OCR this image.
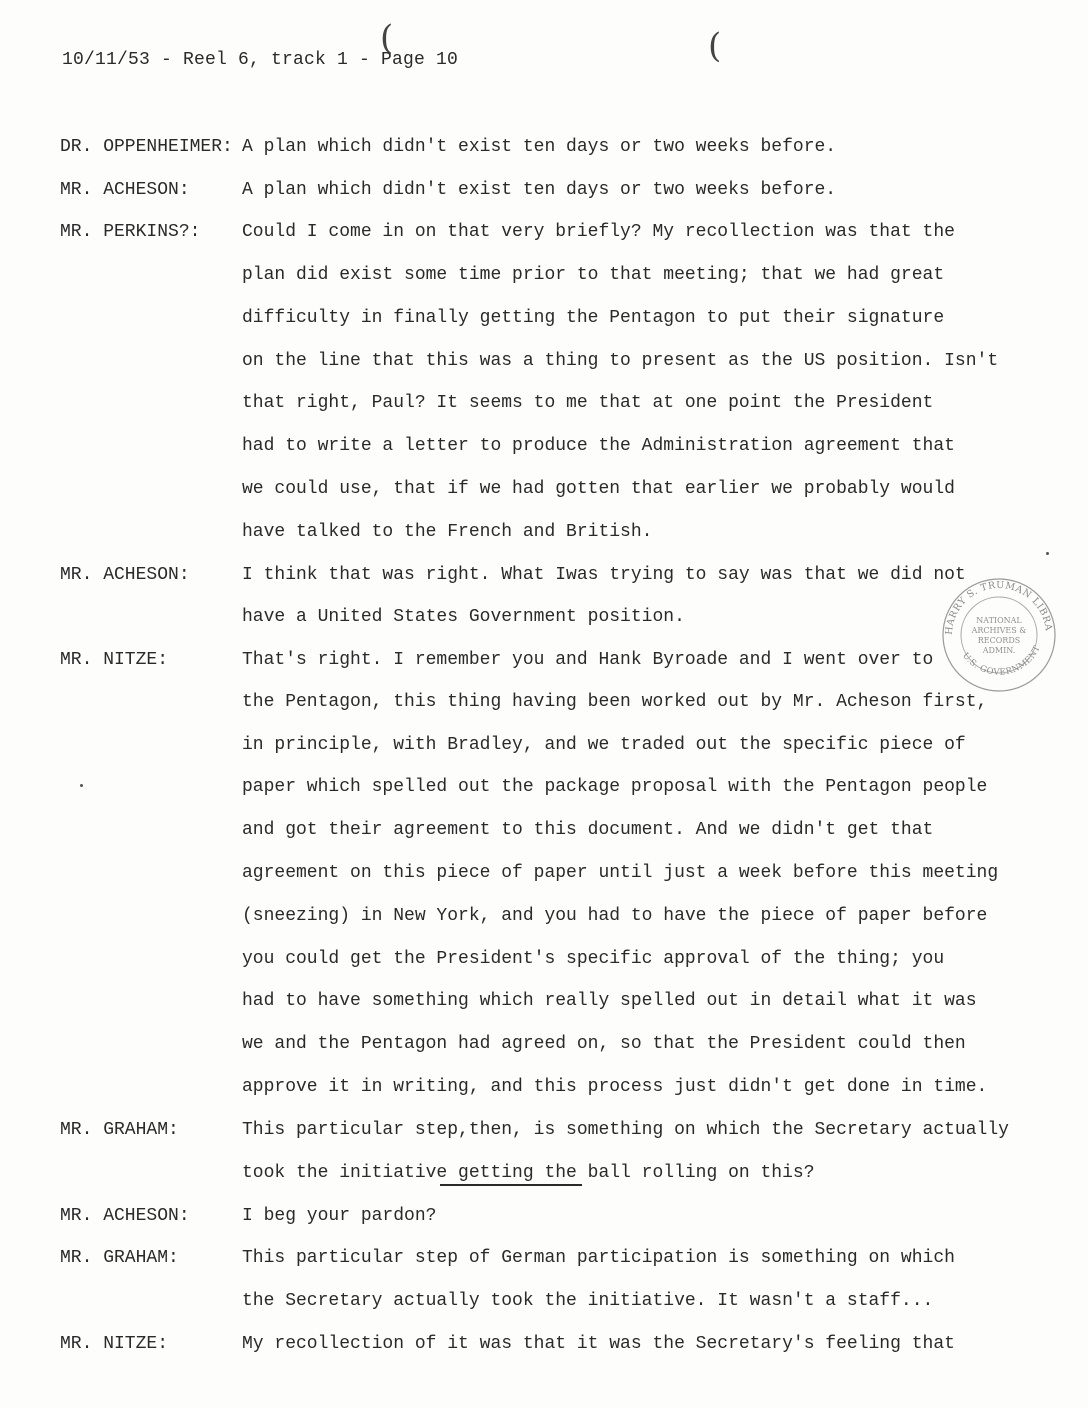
(	(
10/11/53 - Reel 6, track 1 - Page 10
DR. OPPENHEIMER:
MR. ACHESON:
MR. PERKINS?:
MR. ACHESON:
MR. NITZE:
MR. GRAHAM:
MR. ACHESON:
MR. GRAHAM:
MR. NITZE:
A plan which didn't exist ten days or two weeks before.
A plan which didn't exist ten days or two weeks before.
Could I come in on that very briefly? My recollection was that the
plan did exist some time prior to that meeting; that we had great
difficulty in finally getting the Pentagon to put their signature
on the line that this was a thing to present as the US position. Isn't
that right, Paul? It seems to me that at one point the President
had to write a letter to produce the Administration agreement that
we could use, that if we had gotten that earlier we probably would
have talked to the French and British.
I think that was right. What Iwas trying to say was that we did not
have a United States Government position.
That's right. I remember you and Hank Byroade and I went over to
the Pentagon, this thing having been worked out by Mr. Acheson first,
in principle, with Bradley, and we traded out the specific piece of
paper which spelled out the package proposal with the Pentagon people
and got their agreement to this document. And we didn't get that
agreement on this piece of paper until just a week before this meeting
(sneezing) in New York, and you had to have the piece of paper before
you could get the President's specific approval of the thing; you
had to have something which really spelled out in detail what it was
we and the Pentagon had agreed on, so that the President could then
approve it in writing, and this process just didn't get done in time.
This particular step,then, is something on which the Secretary actually
took the initiative getting the ball rolling on this?
I beg your pardon?
This particular step of German participation is something on which
the Secretary actually took the initiative. It wasn't a staff...
My recollection of it was that it was the Secretary's feeling that
HARRY S. TRUMAN LIBRA
U.S. GOVERNMENT
NATIONAL
ARCHIVES &
RECORDS
ADMIN.
